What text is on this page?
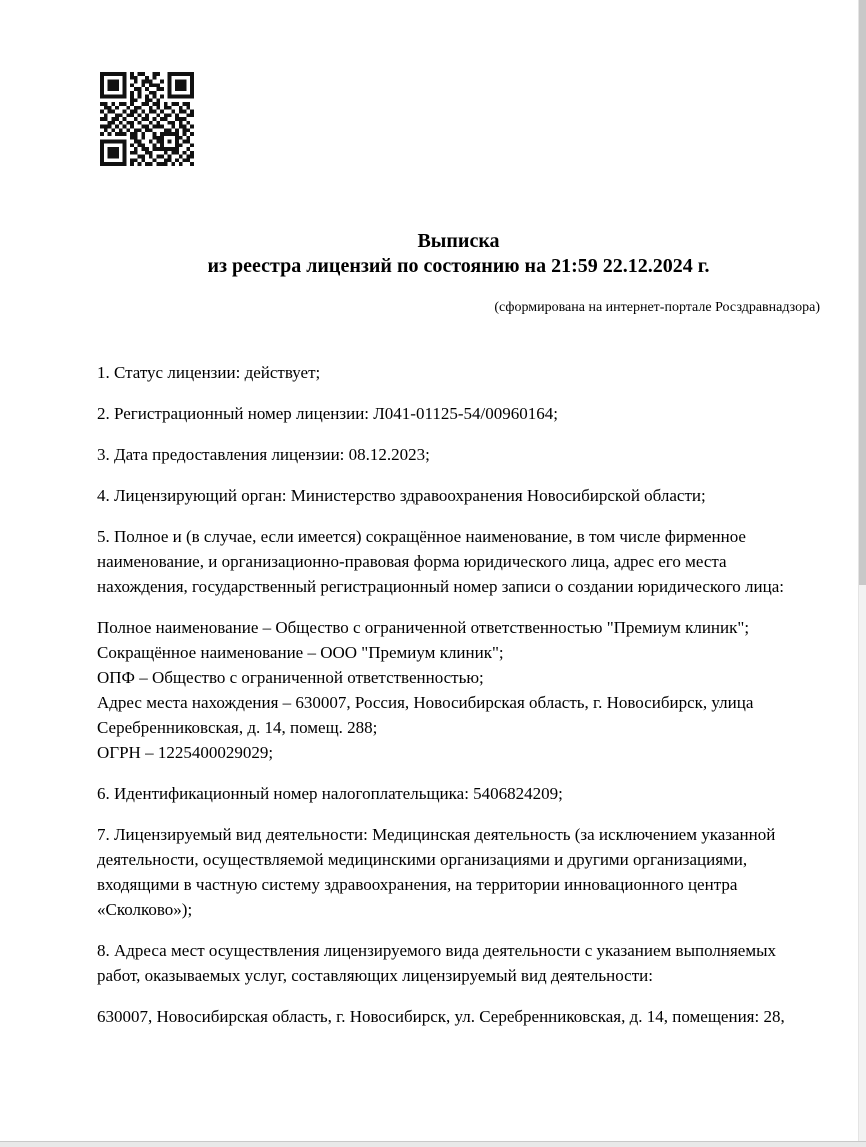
Выписка
из реестра лицензий по состоянию на 21:59 22.12.2024 г.
(сформирована на интернет-портале Росздравнадзора)

1. Статус лицензии: действует;

2. Регистрационный номер лицензии: Л041-01125-54/00960164;

3. Дата предоставления лицензии: 08.12.2023;

4. Лицензирующий орган: Министерство здравоохранения Новосибирской области;

5. Полное и (в случае, если имеется) сокращённое наименование, в том числе фирменное наименование, и организационно-правовая форма юридического лица, адрес его места нахождения, государственный регистрационный номер записи о создании юридического лица:

Полное наименование – Общество с ограниченной ответственностью "Премиум клиник";

Сокращённое наименование – ООО "Премиум клиник";

ОПФ – Общество с ограниченной ответственностью;

Адрес места нахождения – 630007, Россия, Новосибирская область, г. Новосибирск, улица Серебренниковская, д. 14, помещ. 288;

ОГРН – 1225400029029;

6. Идентификационный номер налогоплательщика: 5406824209;

7. Лицензируемый вид деятельности: Медицинская деятельность (за исключением указанной деятельности, осуществляемой медицинскими организациями и другими организациями, входящими в частную систему здравоохранения, на территории инновационного центра «Сколково»);

8. Адреса мест осуществления лицензируемого вида деятельности с указанием выполняемых работ, оказываемых услуг, составляющих лицензируемый вид деятельности:

630007, Новосибирская область, г. Новосибирск, ул. Серебренниковская, д. 14, помещения: 28,
